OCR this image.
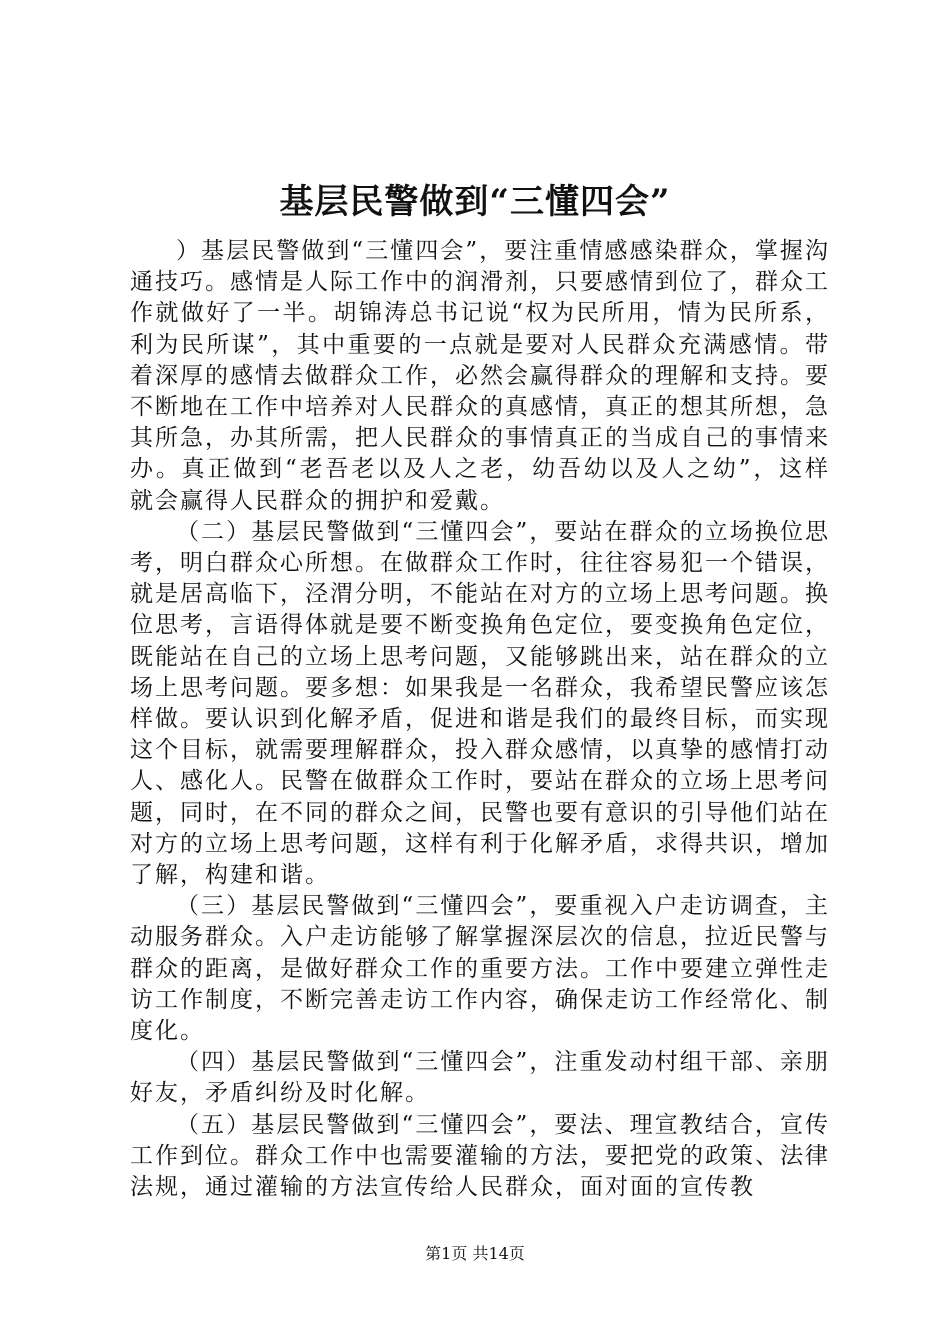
基层民警做到“三懂四会”

）基层民警做到“三懂四会”，要注重情感感染群众，掌握沟通技巧。感情是人际工作中的润滑剂，只要感情到位了，群众工作就做好了一半。胡锦涛总书记说“权为民所用，情为民所系，利为民所谋”，其中重要的一点就是要对人民群众充满感情。带着深厚的感情去做群众工作，必然会赢得群众的理解和支持。要不断地在工作中培养对人民群众的真感情，真正的想其所想，急其所急，办其所需，把人民群众的事情真正的当成自己的事情来办。真正做到“老吾老以及人之老，幼吾幼以及人之幼”，这样就会赢得人民群众的拥护和爱戴。

（二）基层民警做到“三懂四会”，要站在群众的立场换位思考，明白群众心所想。在做群众工作时，往往容易犯一个错误，就是居高临下，泾渭分明，不能站在对方的立场上思考问题。换位思考，言语得体就是要不断变换角色定位，要变换角色定位，既能站在自己的立场上思考问题，又能够跳出来，站在群众的立场上思考问题。要多想：如果我是一名群众，我希望民警应该怎样做。要认识到化解矛盾，促进和谐是我们的最终目标，而实现这个目标，就需要理解群众，投入群众感情，以真挚的感情打动人、感化人。民警在做群众工作时，要站在群众的立场上思考问题，同时，在不同的群众之间，民警也要有意识的引导他们站在对方的立场上思考问题，这样有利于化解矛盾，求得共识，增加了解，构建和谐。

（三）基层民警做到“三懂四会”，要重视入户走访调查，主动服务群众。入户走访能够了解掌握深层次的信息，拉近民警与群众的距离，是做好群众工作的重要方法。工作中要建立弹性走访工作制度，不断完善走访工作内容，确保走访工作经常化、制度化。

（四）基层民警做到“三懂四会”，注重发动村组干部、亲朋好友，矛盾纠纷及时化解。

（五）基层民警做到“三懂四会”，要法、理宣教结合，宣传工作到位。群众工作中也需要灌输的方法，要把党的政策、法律法规，通过灌输的方法宣传给人民群众，面对面的宣传教

第1页 共14页
